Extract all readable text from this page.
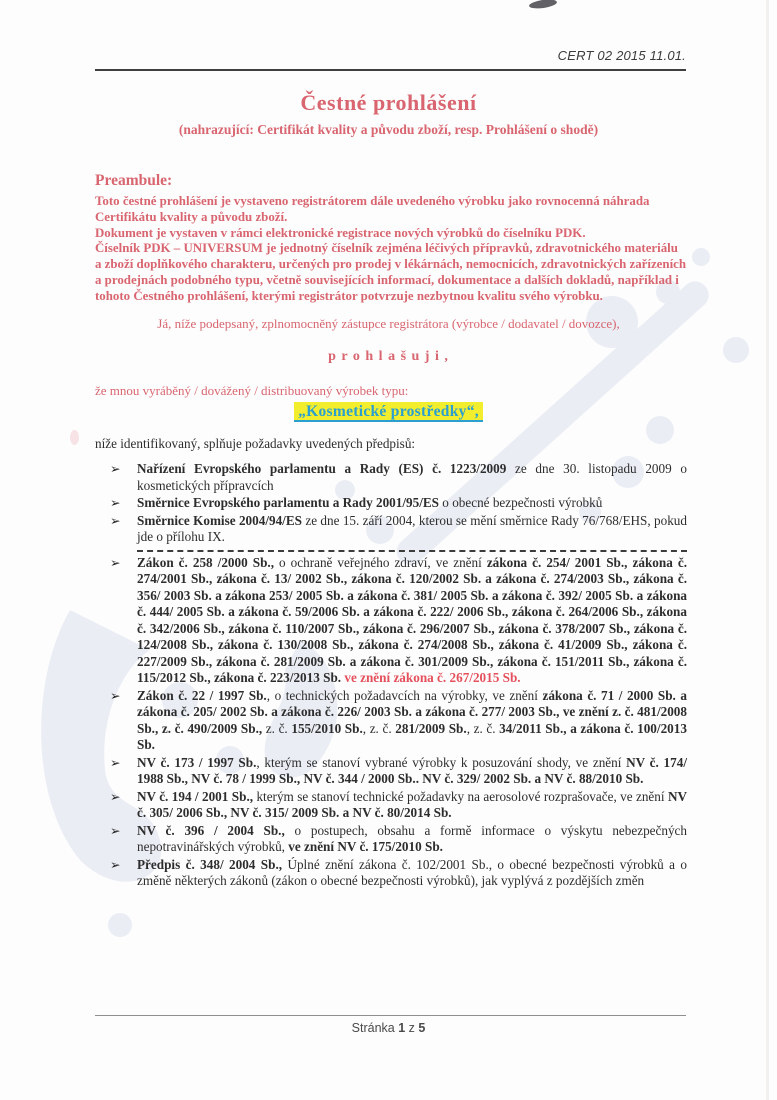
CERT 02 2015 11.01.
Čestné prohlášení
(nahrazující: Certifikát kvality a původu zboží, resp. Prohlášení o shodě)
Preambule:

Toto čestné prohlášení je vystaveno registrátorem dále uvedeného výrobku jako rovnocenná náhrada Certifikátu kvality a původu zboží.

Dokument je vystaven v rámci elektronické registrace nových výrobků do číselníku PDK.

Číselník PDK – UNIVERSUM je jednotný číselník zejména léčivých přípravků, zdravotnického materiálu a zboží doplňkového charakteru, určených pro prodej v lékárnách, nemocnicích, zdravotnických zařízeních a prodejnách podobného typu, včetně souvisejících informací, dokumentace a dalších dokladů, například i tohoto Čestného prohlášení, kterými registrátor potvrzuje nezbytnou kvalitu svého výrobku.

Já, níže podepsaný, zplnomocněný zástupce registrátora (výrobce / dodavatel / dovozce),
p r o h l a š u j i ,
že mnou vyráběný / dovážený / distribuovaný výrobek typu:
„Kosmetické prostředky“,
níže identifikovaný, splňuje požadavky uvedených předpisů:
➢ Nařízení Evropského parlamentu a Rady (ES) č. 1223/2009 ze dne 30. listopadu 2009 o kosmetických přípravcích
➢ Směrnice Evropského parlamentu a Rady 2001/95/ES o obecné bezpečnosti výrobků
➢ Směrnice Komise 2004/94/ES ze dne 15. září 2004, kterou se mění směrnice Rady 76/768/EHS, pokud jde o přílohu IX.
➢ Zákon č. 258 /2000 Sb., o ochraně veřejného zdraví, ve znění zákona č. 254/ 2001 Sb., zákona č. 274/2001 Sb., zákona č. 13/ 2002 Sb., zákona č. 120/2002 Sb. a zákona č. 274/2003 Sb., zákona č. 356/ 2003 Sb. a zákona 253/ 2005 Sb. a zákona č. 381/ 2005 Sb. a zákona č. 392/ 2005 Sb. a zákona č. 444/ 2005 Sb. a zákona č. 59/2006 Sb. a zákona č. 222/ 2006 Sb., zákona č. 264/2006 Sb., zákona č. 342/2006 Sb., zákona č. 110/2007 Sb., zákona č. 296/2007 Sb., zákona č. 378/2007 Sb., zákona č. 124/2008 Sb., zákona č. 130/2008 Sb., zákona č. 274/2008 Sb., zákona č. 41/2009 Sb., zákona č. 227/2009 Sb., zákona č. 281/2009 Sb. a zákona č. 301/2009 Sb., zákona č. 151/2011 Sb., zákona č. 115/2012 Sb., zákona č. 223/2013 Sb. ve znění zákona č. 267/2015 Sb.
➢ Zákon č. 22 / 1997 Sb., o technických požadavcích na výrobky, ve znění zákona č. 71 / 2000 Sb. a zákona č. 205/ 2002 Sb. a zákona č. 226/ 2003 Sb. a zákona č. 277/ 2003 Sb., ve znění z. č. 481/2008 Sb., z. č. 490/2009 Sb., z. č. 155/2010 Sb., z. č. 281/2009 Sb., z. č. 34/2011 Sb., a zákona č. 100/2013 Sb.
➢ NV č. 173 / 1997 Sb., kterým se stanoví vybrané výrobky k posuzování shody, ve znění NV č. 174/ 1988 Sb., NV č. 78 / 1999 Sb., NV č. 344 / 2000 Sb.. NV č. 329/ 2002 Sb. a NV č. 88/2010 Sb.
➢ NV č. 194 / 2001 Sb., kterým se stanoví technické požadavky na aerosolové rozprašovače, ve znění NV č. 305/ 2006 Sb., NV č. 315/ 2009 Sb. a NV č. 80/2014 Sb.
➢ NV č. 396 / 2004 Sb., o postupech, obsahu a formě informace o výskytu nebezpečných nepotravinářských výrobků, ve znění NV č. 175/2010 Sb.
➢ Předpis č. 348/ 2004 Sb., Úplné znění zákona č. 102/2001 Sb., o obecné bezpečnosti výrobků a o změně některých zákonů (zákon o obecné bezpečnosti výrobků), jak vyplývá z pozdějších změn
Stránka 1 z 5
